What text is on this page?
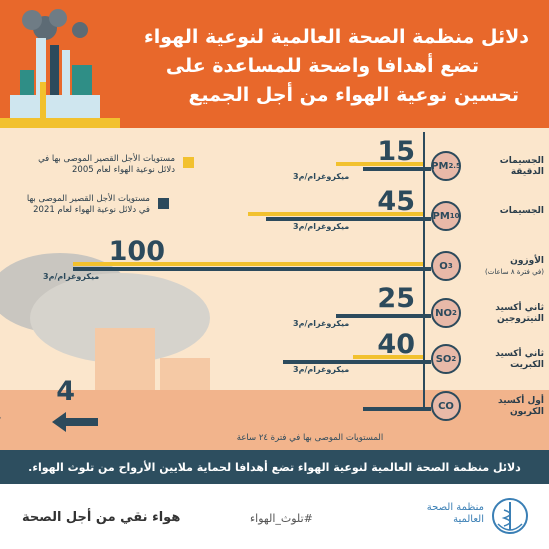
دلائل منظمة الصحة العالمية لنوعية الهواء
تضع أهدافا واضحة للمساعدة على
تحسين نوعية الهواء من أجل الجميع
مستويات الأجل القصير الموصى بها في دلائل نوعية الهواء لعام 2005
مستويات الأجل القصير الموصى بها في دلائل نوعية الهواء لعام 2021
PM 2.5	الجسيمات الدقيقة
15
ميكروغرام/م3
PM 10	الجسيمات
45
ميكروغرام/م3
O 3	الأوزون
(في فترة ٨ ساعات)
100
ميكروغرام/م3
NO 2	ثاني أكسيد النيتروجين
25
ميكروغرام/م3
SO 2	ثاني أكسيد الكبريت
40
ميكروغرام/م3
CO	أول أكسيد الكربون
4
المستويات الموصى بها في فترة ٢٤ ساعة
دلائل منظمة الصحة العالمية لنوعية الهواء تضع أهدافا لحماية ملايين الأرواح من تلوث الهواء.
هواء نقي من أجل الصحة	#تلوث_الهواء
منظمة الصحة العالمية
